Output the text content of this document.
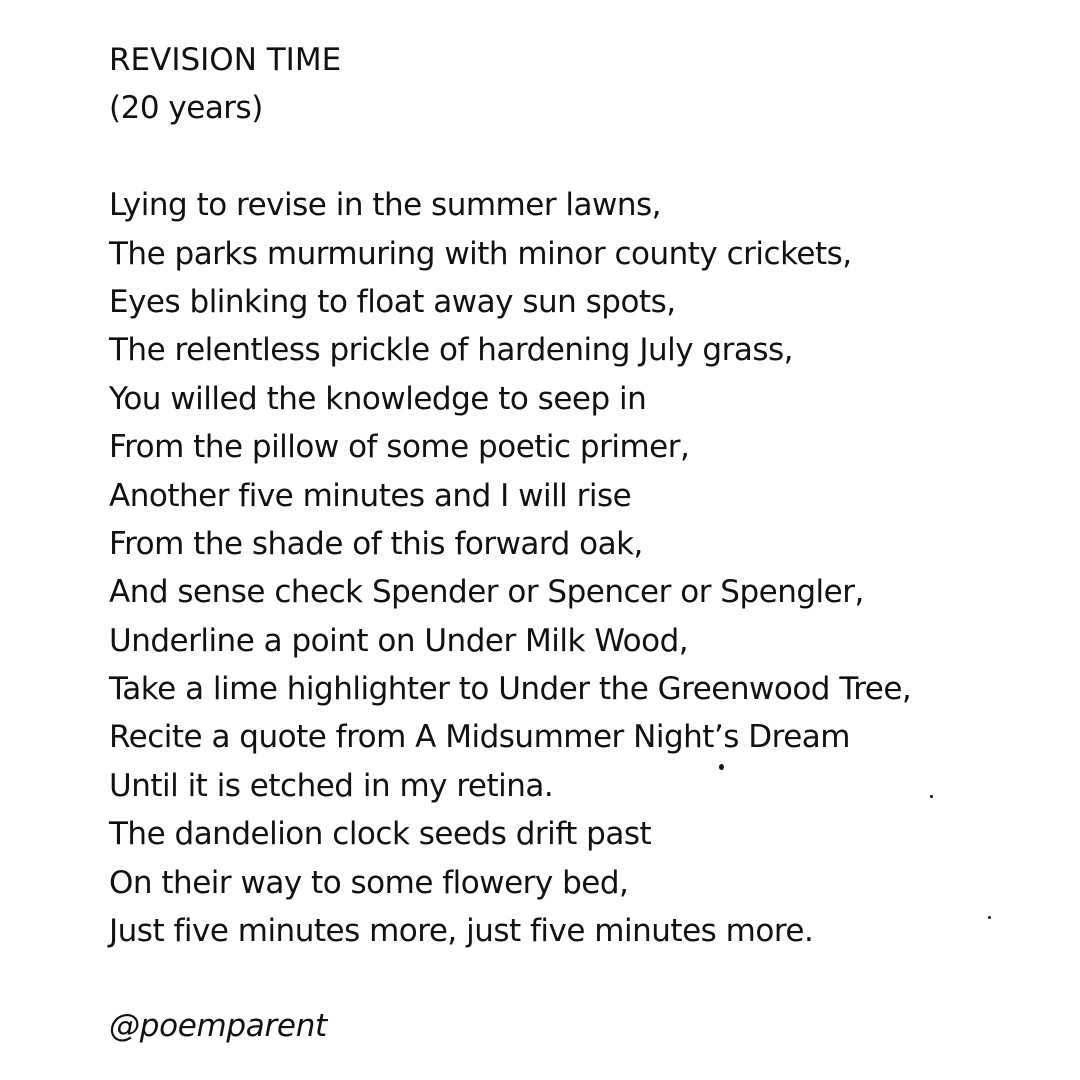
REVISION TIME
(20 years)
Lying to revise in the summer lawns,
The parks murmuring with minor county crickets,
Eyes blinking to float away sun spots,
The relentless prickle of hardening July grass,
You willed the knowledge to seep in
From the pillow of some poetic primer,
Another five minutes and I will rise
From the shade of this forward oak,
And sense check Spender or Spencer or Spengler,
Underline a point on Under Milk Wood,
Take a lime highlighter to Under the Greenwood Tree,
Recite a quote from A Midsummer Night’s Dream
Until it is etched in my retina.
The dandelion clock seeds drift past
On their way to some flowery bed,
Just five minutes more, just five minutes more.
@poemparent
